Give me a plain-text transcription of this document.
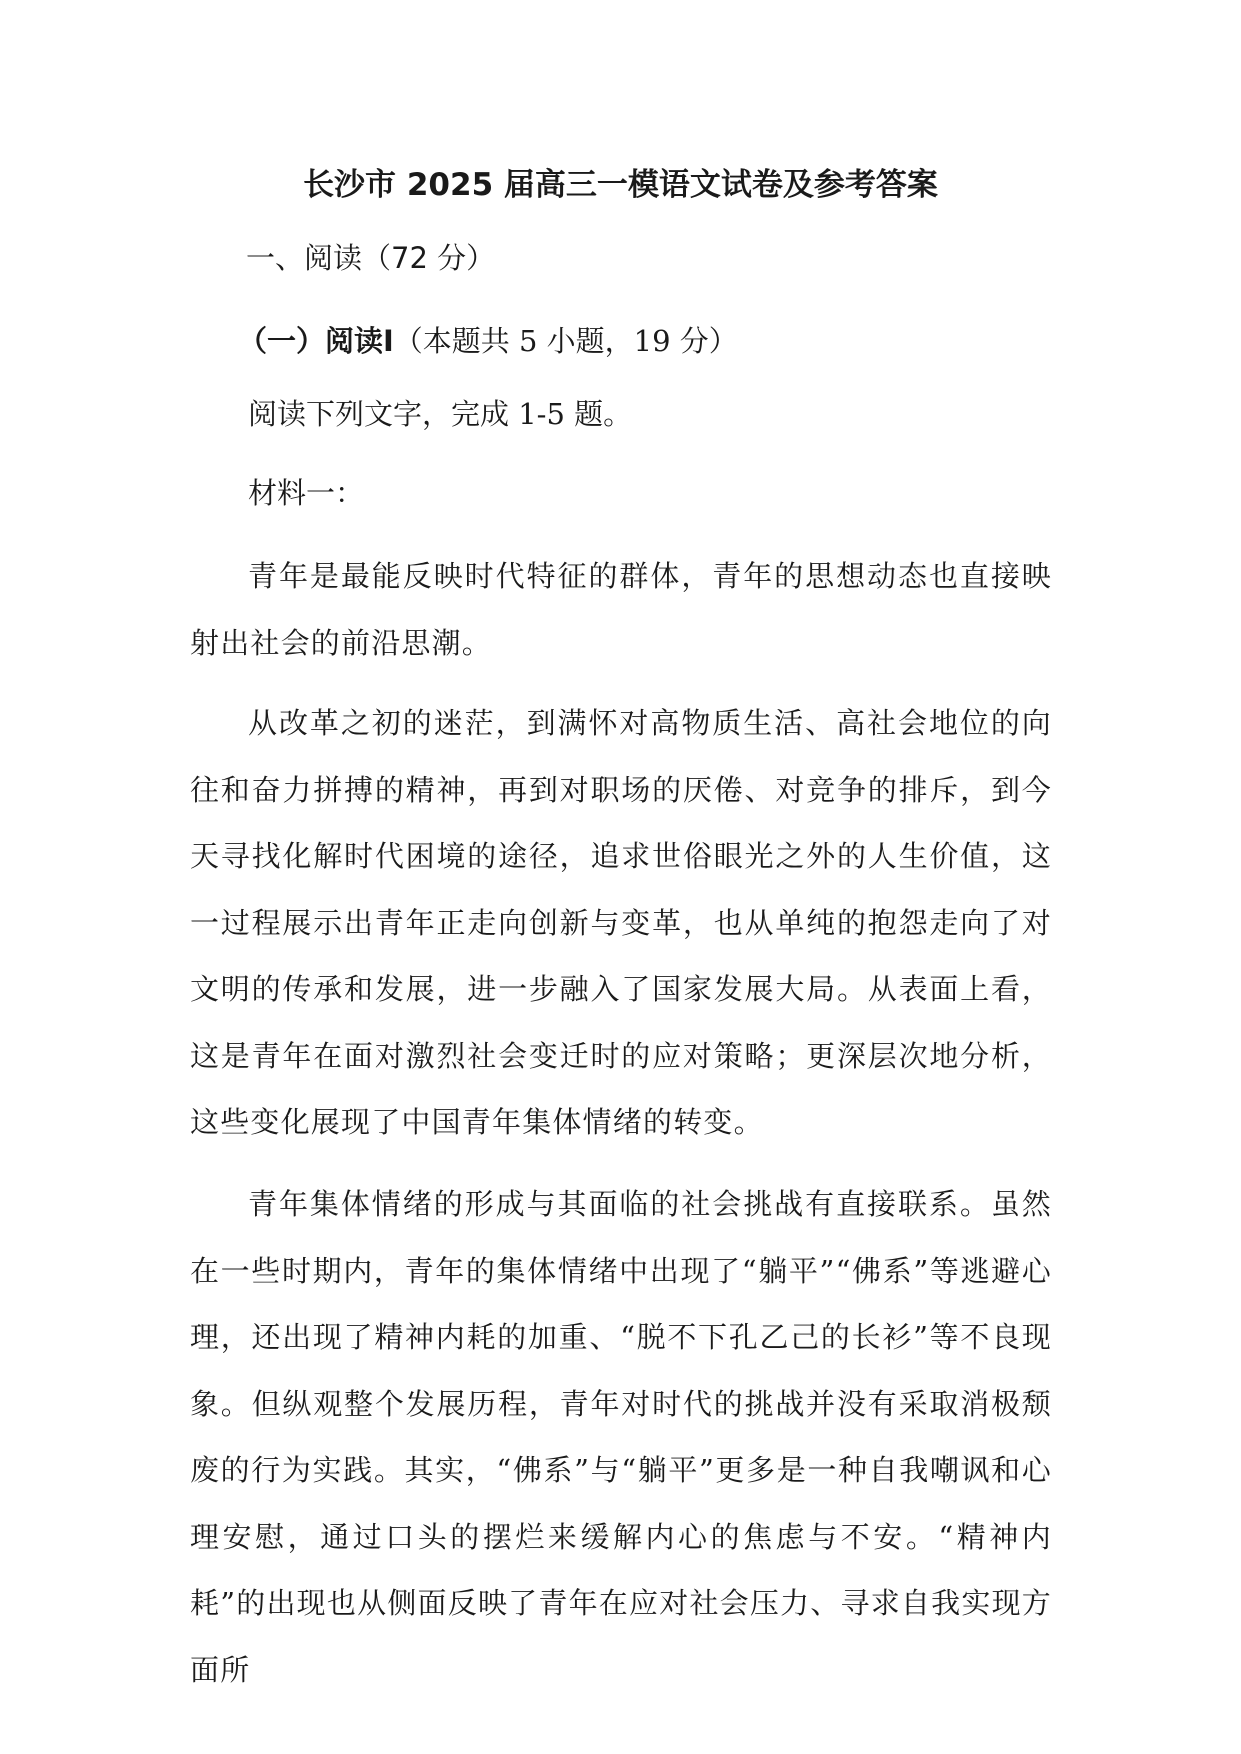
长沙市 2025 届高三一模语文试卷及参考答案
一、阅读（72 分）
（一）阅读Ⅰ（本题共 5 小题，19 分）
阅读下列文字，完成 1-5 题。
材料一：
青年是最能反映时代特征的群体，青年的思想动态也直接映射出社会的前沿思潮。
从改革之初的迷茫，到满怀对高物质生活、高社会地位的向往和奋力拼搏的精神，再到对职场的厌倦、对竞争的排斥，到今天寻找化解时代困境的途径，追求世俗眼光之外的人生价值，这一过程展示出青年正走向创新与变革，也从单纯的抱怨走向了对文明的传承和发展，进一步融入了国家发展大局。从表面上看，这是青年在面对激烈社会变迁时的应对策略；更深层次地分析，这些变化展现了中国青年集体情绪的转变。
青年集体情绪的形成与其面临的社会挑战有直接联系。虽然在一些时期内，青年的集体情绪中出现了“躺平”“佛系”等逃避心理，还出现了精神内耗的加重、“脱不下孔乙己的长衫”等不良现象。但纵观整个发展历程，青年对时代的挑战并没有采取消极颓废的行为实践。其实，“佛系”与“躺平”更多是一种自我嘲讽和心理安慰，通过口头的摆烂来缓解内心的焦虑与不安。“精神内耗”的出现也从侧面反映了青年在应对社会压力、寻求自我实现方面所
